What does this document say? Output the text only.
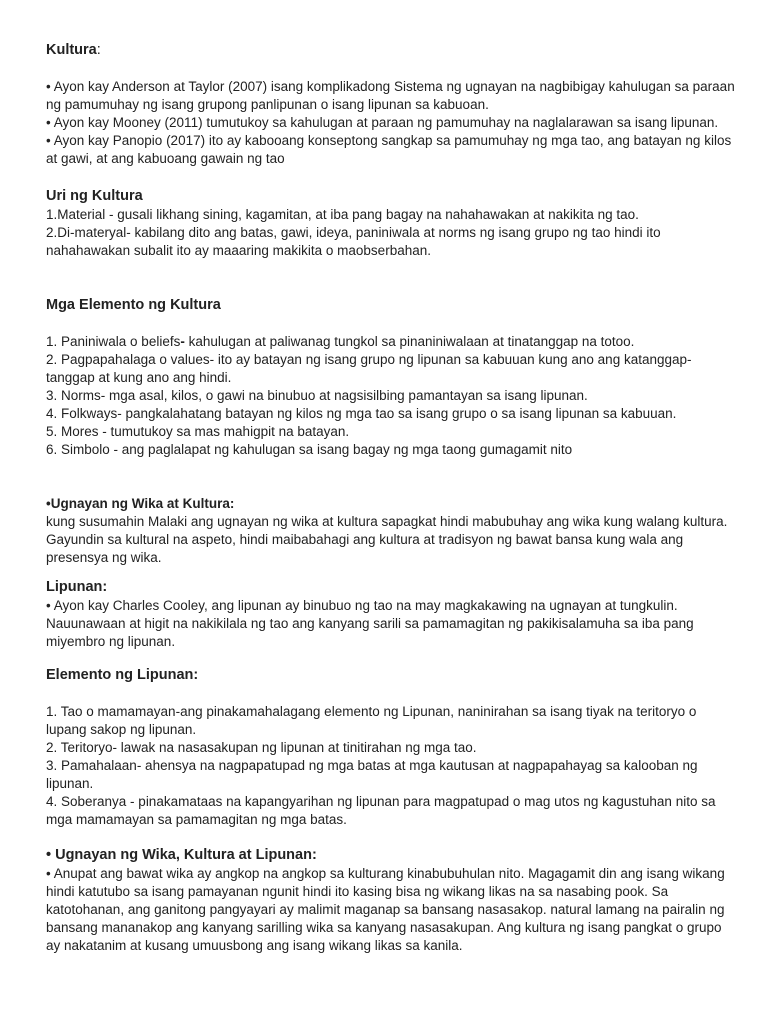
Kultura:

• Ayon kay Anderson at Taylor (2007) isang komplikadong Sistema ng ugnayan na nagbibigay kahulugan sa paraan ng pamumuhay ng isang grupong panlipunan o isang lipunan sa kabuoan.

• Ayon kay Mooney (2011) tumutukoy sa kahulugan at paraan ng pamumuhay na naglalarawan sa isang lipunan.

• Ayon kay Panopio (2017) ito ay kabooang konseptong sangkap sa pamumuhay ng mga tao, ang batayan ng kilos at gawi, at ang kabuoang gawain ng tao

Uri ng Kultura

1.Material - gusali likhang sining, kagamitan, at iba pang bagay na nahahawakan at nakikita ng tao.

2.Di-materyal- kabilang dito ang batas, gawi, ideya, paniniwala at norms ng isang grupo ng tao hindi ito nahahawakan subalit ito ay maaaring makikita o maobserbahan.

Mga Elemento ng Kultura

1. Paniniwala o beliefs- kahulugan at paliwanag tungkol sa pinaniniwalaan at tinatanggap na totoo.

2. Pagpapahalaga o values- ito ay batayan ng isang grupo ng lipunan sa kabuuan kung ano ang katanggap-tanggap at kung ano ang hindi.

3. Norms- mga asal, kilos, o gawi na binubuo at nagsisilbing pamantayan sa isang lipunan.

4. Folkways- pangkalahatang batayan ng kilos ng mga tao sa isang grupo o sa isang lipunan sa kabuuan.

5. Mores - tumutukoy sa mas mahigpit na batayan.

6. Simbolo - ang paglalapat ng kahulugan sa isang bagay ng mga taong gumagamit nito

•Ugnayan ng Wika at Kultura:

kung susumahin Malaki ang ugnayan ng wika at kultura sapagkat hindi mabubuhay ang wika kung walang kultura. Gayundin sa kultural na aspeto, hindi maibabahagi ang kultura at tradisyon ng bawat bansa kung wala ang presensya ng wika.

Lipunan:

• Ayon kay Charles Cooley, ang lipunan ay binubuo ng tao na may magkakawing na ugnayan at tungkulin. Nauunawaan at higit na nakikilala ng tao ang kanyang sarili sa pamamagitan ng pakikisalamuha sa iba pang miyembro ng lipunan.

Elemento ng Lipunan:

1. Tao o mamamayan-ang pinakamahalagang elemento ng Lipunan, naninirahan sa isang tiyak na teritoryo o lupang sakop ng lipunan.

2. Teritoryo- lawak na nasasakupan ng lipunan at tinitirahan ng mga tao.

3. Pamahalaan- ahensya na nagpapatupad ng mga batas at mga kautusan at nagpapahayag sa kalooban ng lipunan.

4. Soberanya - pinakamataas na kapangyarihan ng lipunan para magpatupad o mag utos ng kagustuhan nito sa mga mamamayan sa pamamagitan ng mga batas.

• Ugnayan ng Wika, Kultura at Lipunan:

• Anupat ang bawat wika ay angkop na angkop sa kulturang kinabubuhulan nito. Magagamit din ang isang wikang hindi katutubo sa isang pamayanan ngunit hindi ito kasing bisa ng wikang likas na sa nasabing pook. Sa katotohanan, ang ganitong pangyayari ay malimit maganap sa bansang nasasakop. natural lamang na pairalin ng bansang mananakop ang kanyang sarilling wika sa kanyang nasasakupan. Ang kultura ng isang pangkat o grupo ay nakatanim at kusang umuusbong ang isang wikang likas sa kanila.
